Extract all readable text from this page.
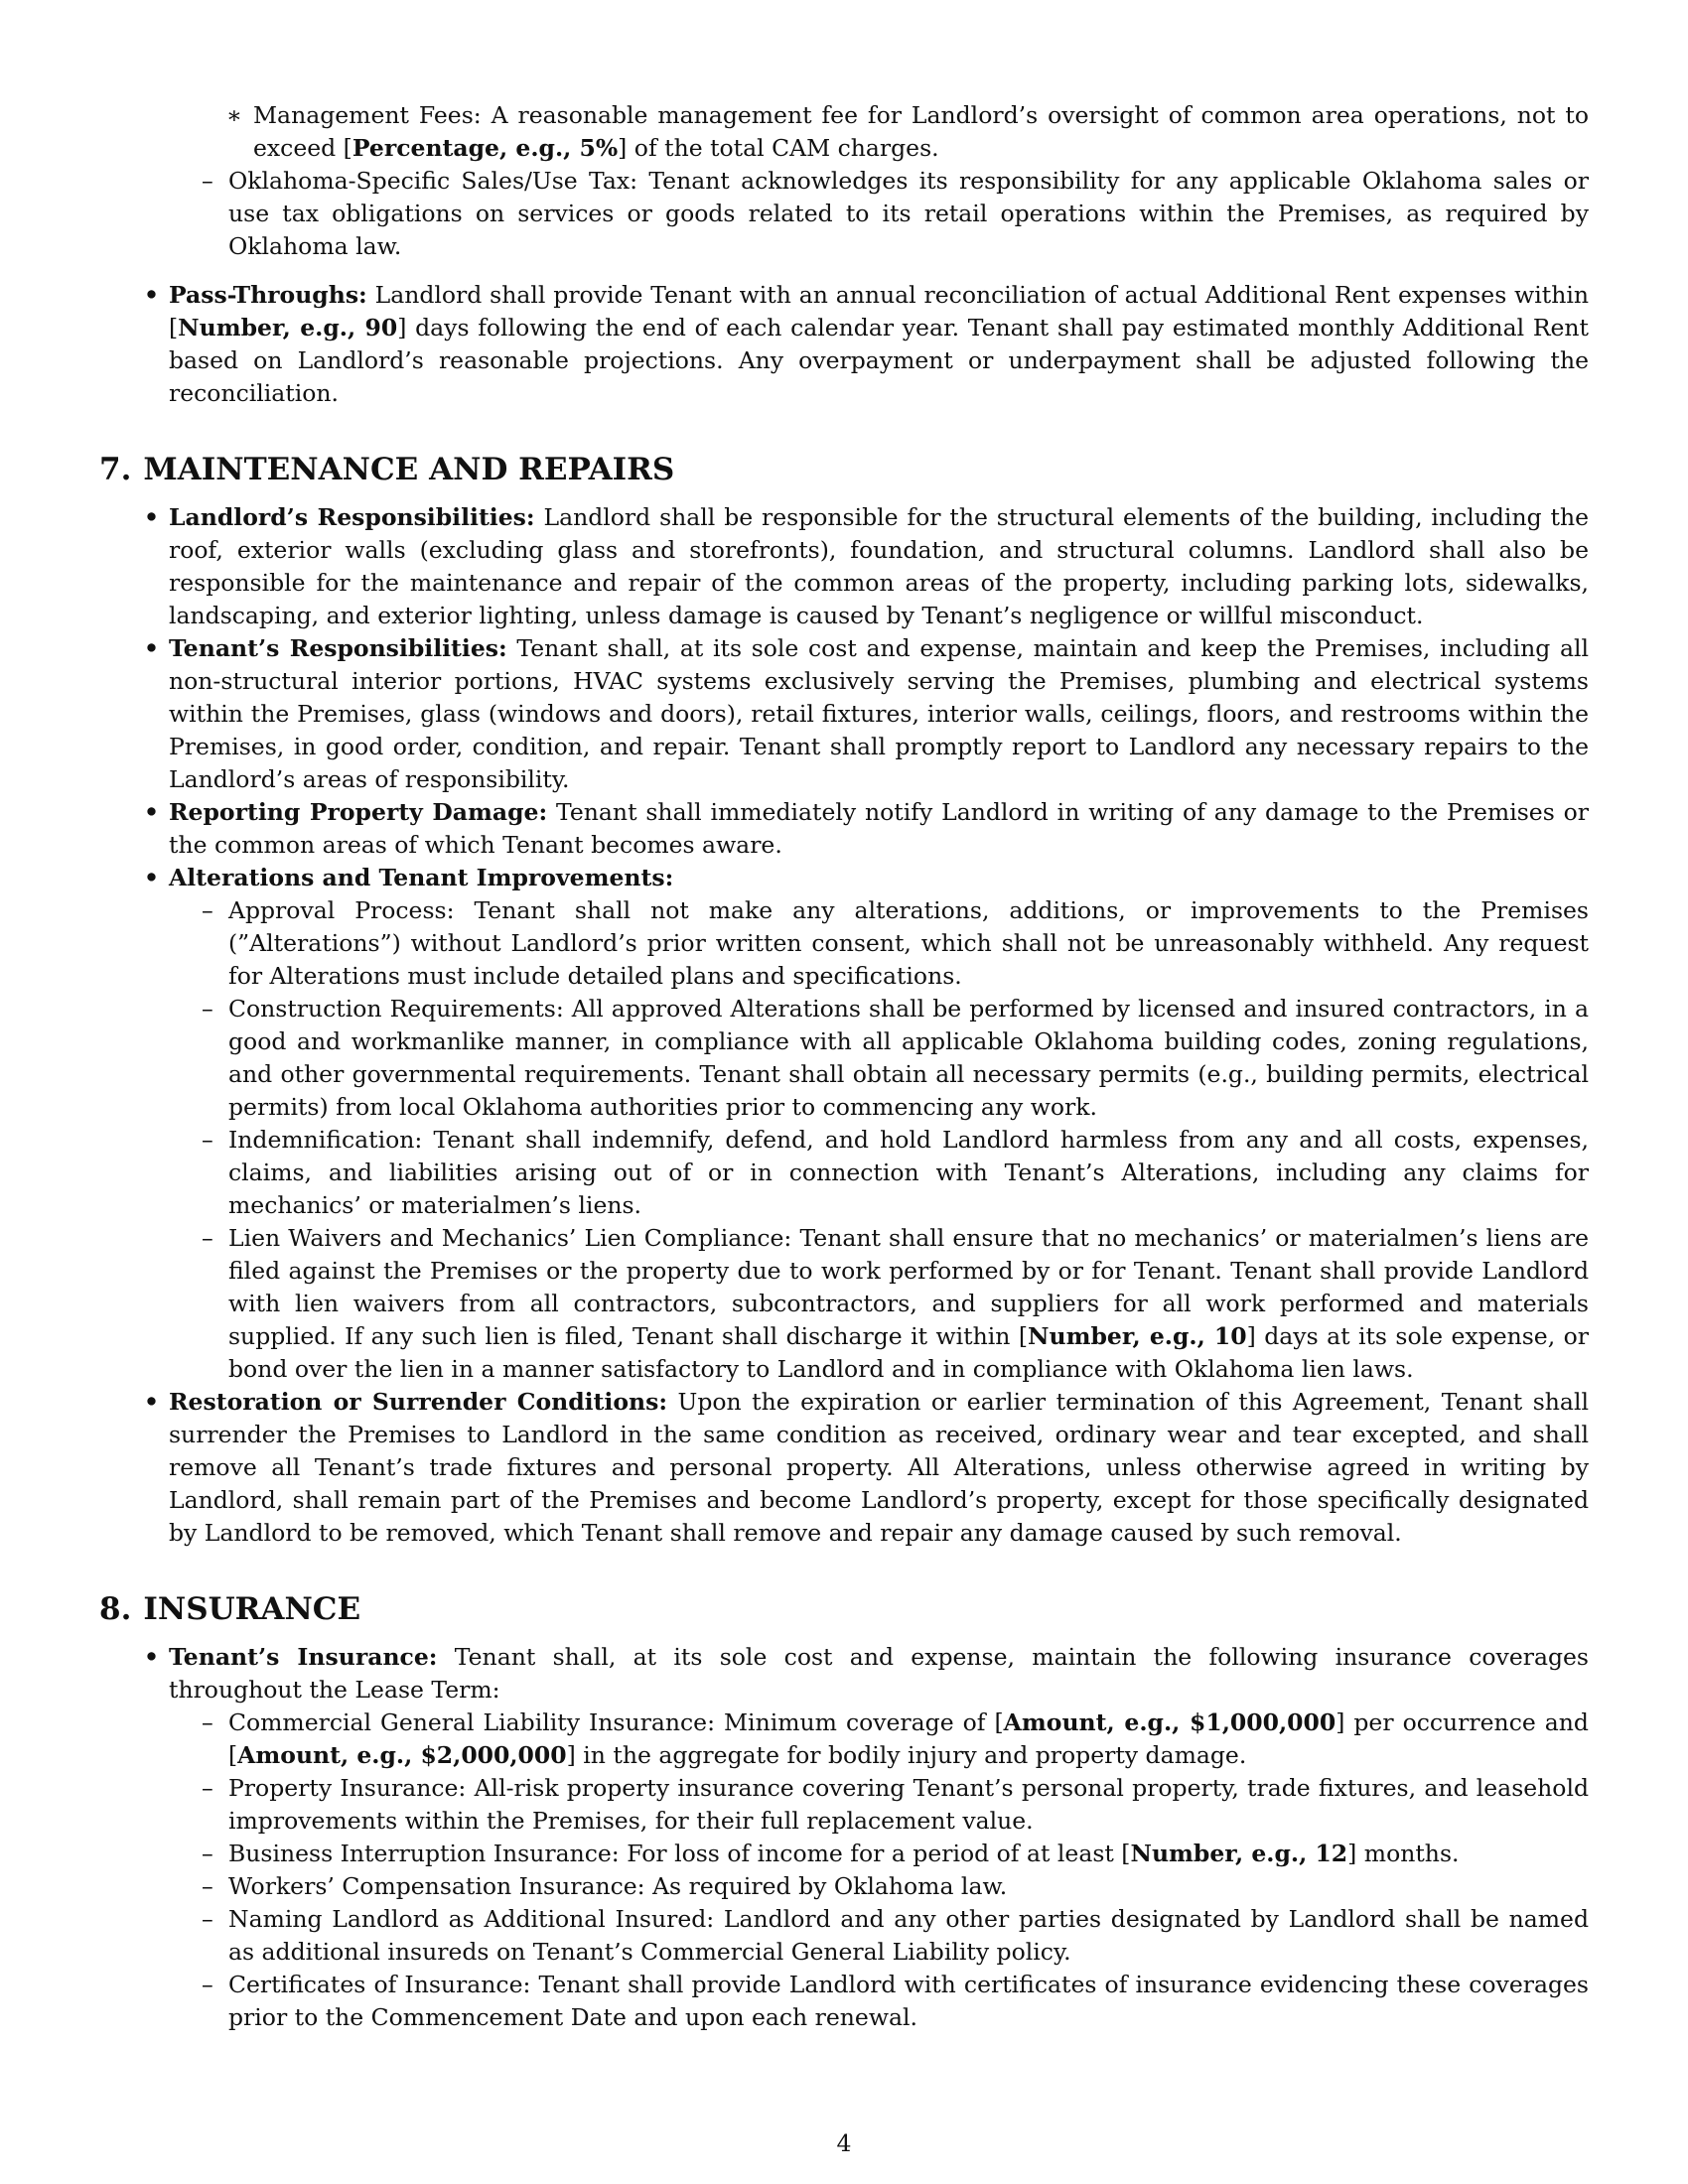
∗ Management Fees: A reasonable management fee for Landlord’s oversight of common area operations, not to exceed [Percentage, e.g., 5%] of the total CAM charges.
– Oklahoma-Specific Sales/Use Tax: Tenant acknowledges its responsibility for any applicable Oklahoma sales or use tax obligations on services or goods related to its retail operations within the Premises, as required by Oklahoma law.
• Pass-Throughs: Landlord shall provide Tenant with an annual reconciliation of actual Additional Rent expenses within [Number, e.g., 90] days following the end of each calendar year. Tenant shall pay estimated monthly Additional Rent based on Landlord’s reasonable projections. Any overpayment or underpayment shall be adjusted following the reconciliation.
7. MAINTENANCE AND REPAIRS
• Landlord’s Responsibilities: Landlord shall be responsible for the structural elements of the building, including the roof, exterior walls (excluding glass and storefronts), foundation, and structural columns. Landlord shall also be responsible for the maintenance and repair of the common areas of the property, including parking lots, sidewalks, landscaping, and exterior lighting, unless damage is caused by Tenant’s negligence or willful misconduct.
• Tenant’s Responsibilities: Tenant shall, at its sole cost and expense, maintain and keep the Premises, including all non-structural interior portions, HVAC systems exclusively serving the Premises, plumbing and electrical systems within the Premises, glass (windows and doors), retail fixtures, interior walls, ceilings, floors, and restrooms within the Premises, in good order, condition, and repair. Tenant shall promptly report to Landlord any necessary repairs to the Landlord’s areas of responsibility.
• Reporting Property Damage: Tenant shall immediately notify Landlord in writing of any damage to the Premises or the common areas of which Tenant becomes aware.
• Alterations and Tenant Improvements:
– Approval Process: Tenant shall not make any alterations, additions, or improvements to the Premises (”Alterations”) without Landlord’s prior written consent, which shall not be unreasonably withheld. Any request for Alterations must include detailed plans and specifications.
– Construction Requirements: All approved Alterations shall be performed by licensed and insured contractors, in a good and workmanlike manner, in compliance with all applicable Oklahoma building codes, zoning regulations, and other governmental requirements. Tenant shall obtain all necessary permits (e.g., building permits, electrical permits) from local Oklahoma authorities prior to commencing any work.
– Indemnification: Tenant shall indemnify, defend, and hold Landlord harmless from any and all costs, expenses, claims, and liabilities arising out of or in connection with Tenant’s Alterations, including any claims for mechanics’ or materialmen’s liens.
– Lien Waivers and Mechanics’ Lien Compliance: Tenant shall ensure that no mechanics’ or materialmen’s liens are filed against the Premises or the property due to work performed by or for Tenant. Tenant shall provide Landlord with lien waivers from all contractors, subcontractors, and suppliers for all work performed and materials supplied. If any such lien is filed, Tenant shall discharge it within [Number, e.g., 10] days at its sole expense, or bond over the lien in a manner satisfactory to Landlord and in compliance with Oklahoma lien laws.
• Restoration or Surrender Conditions: Upon the expiration or earlier termination of this Agreement, Tenant shall surrender the Premises to Landlord in the same condition as received, ordinary wear and tear excepted, and shall remove all Tenant’s trade fixtures and personal property. All Alterations, unless otherwise agreed in writing by Landlord, shall remain part of the Premises and become Landlord’s property, except for those specifically designated by Landlord to be removed, which Tenant shall remove and repair any damage caused by such removal.
8. INSURANCE
• Tenant’s Insurance: Tenant shall, at its sole cost and expense, maintain the following insurance coverages throughout the Lease Term:
– Commercial General Liability Insurance: Minimum coverage of [Amount, e.g., $1,000,000] per occurrence and [Amount, e.g., $2,000,000] in the aggregate for bodily injury and property damage.
– Property Insurance: All-risk property insurance covering Tenant’s personal property, trade fixtures, and leasehold improvements within the Premises, for their full replacement value.
– Business Interruption Insurance: For loss of income for a period of at least [Number, e.g., 12] months.
– Workers’ Compensation Insurance: As required by Oklahoma law.
– Naming Landlord as Additional Insured: Landlord and any other parties designated by Landlord shall be named as additional insureds on Tenant’s Commercial General Liability policy.
– Certificates of Insurance: Tenant shall provide Landlord with certificates of insurance evidencing these coverages prior to the Commencement Date and upon each renewal.
4
